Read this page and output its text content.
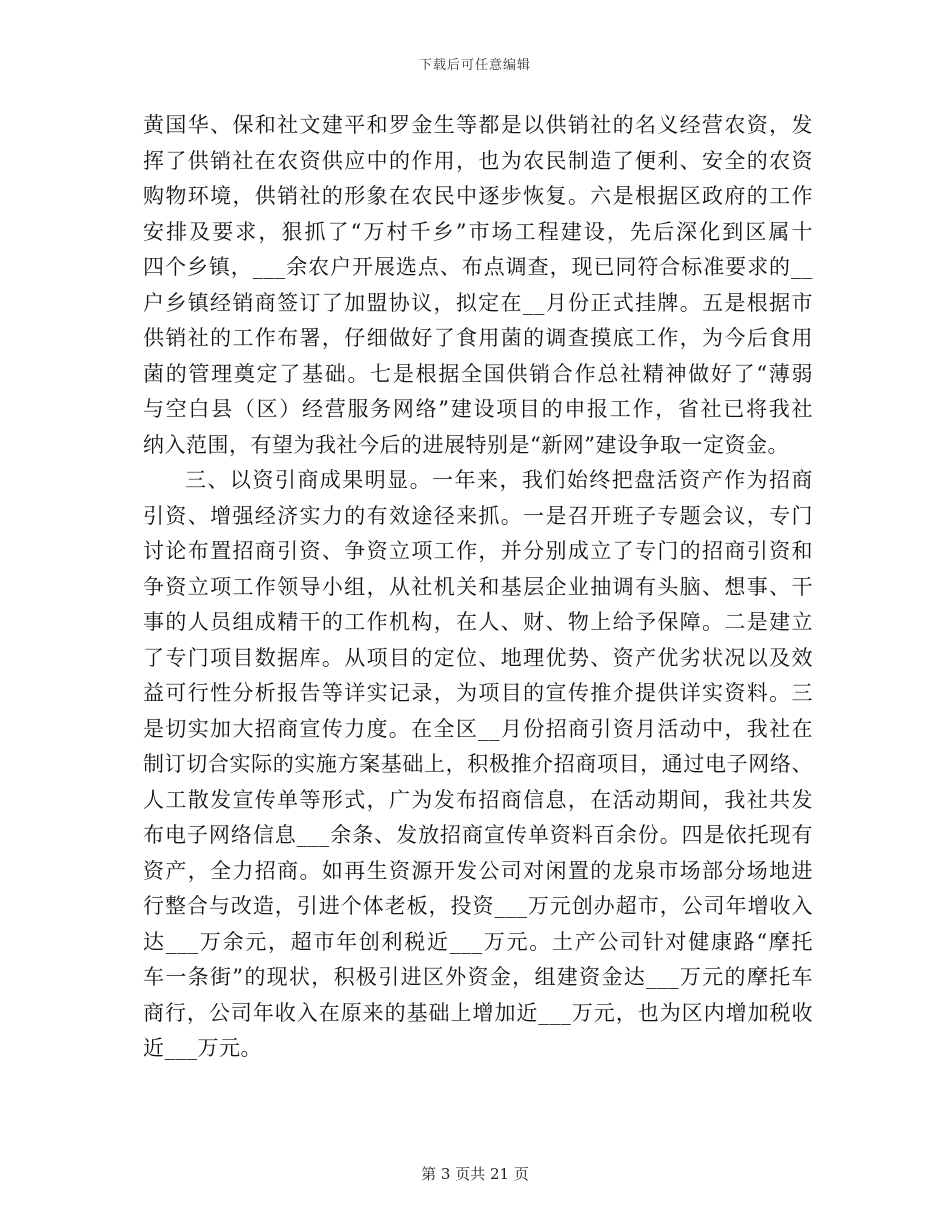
下载后可任意编辑
黄国华、保和社文建平和罗金生等都是以供销社的名义经营农资，发
挥了供销社在农资供应中的作用，也为农民制造了便利、安全的农资
购物环境，供销社的形象在农民中逐步恢复。六是根据区政府的工作
安排及要求，狠抓了“万村千乡”市场工程建设，先后深化到区属十
四个乡镇，___余农户开展选点、布点调查，现已同符合标准要求的__
户乡镇经销商签订了加盟协议，拟定在__月份正式挂牌。五是根据市
供销社的工作布署，仔细做好了食用菌的调查摸底工作，为今后食用
菌的管理奠定了基础。七是根据全国供销合作总社精神做好了“薄弱
与空白县（区）经营服务网络”建设项目的申报工作，省社已将我社
纳入范围，有望为我社今后的进展特别是“新网”建设争取一定资金。
三、以资引商成果明显。一年来，我们始终把盘活资产作为招商
引资、增强经济实力的有效途径来抓。一是召开班子专题会议，专门
讨论布置招商引资、争资立项工作，并分别成立了专门的招商引资和
争资立项工作领导小组，从社机关和基层企业抽调有头脑、想事、干
事的人员组成精干的工作机构，在人、财、物上给予保障。二是建立
了专门项目数据库。从项目的定位、地理优势、资产优劣状况以及效
益可行性分析报告等详实记录，为项目的宣传推介提供详实资料。三
是切实加大招商宣传力度。在全区__月份招商引资月活动中，我社在
制订切合实际的实施方案基础上，积极推介招商项目，通过电子网络、
人工散发宣传单等形式，广为发布招商信息，在活动期间，我社共发
布电子网络信息___余条、发放招商宣传单资料百余份。四是依托现有
资产，全力招商。如再生资源开发公司对闲置的龙泉市场部分场地进
行整合与改造，引进个体老板，投资___万元创办超市，公司年增收入
达___万余元，超市年创利税近___万元。土产公司针对健康路“摩托
车一条街”的现状，积极引进区外资金，组建资金达___万元的摩托车
商行，公司年收入在原来的基础上增加近___万元，也为区内增加税收
近___万元。
第 3 页共 21 页
